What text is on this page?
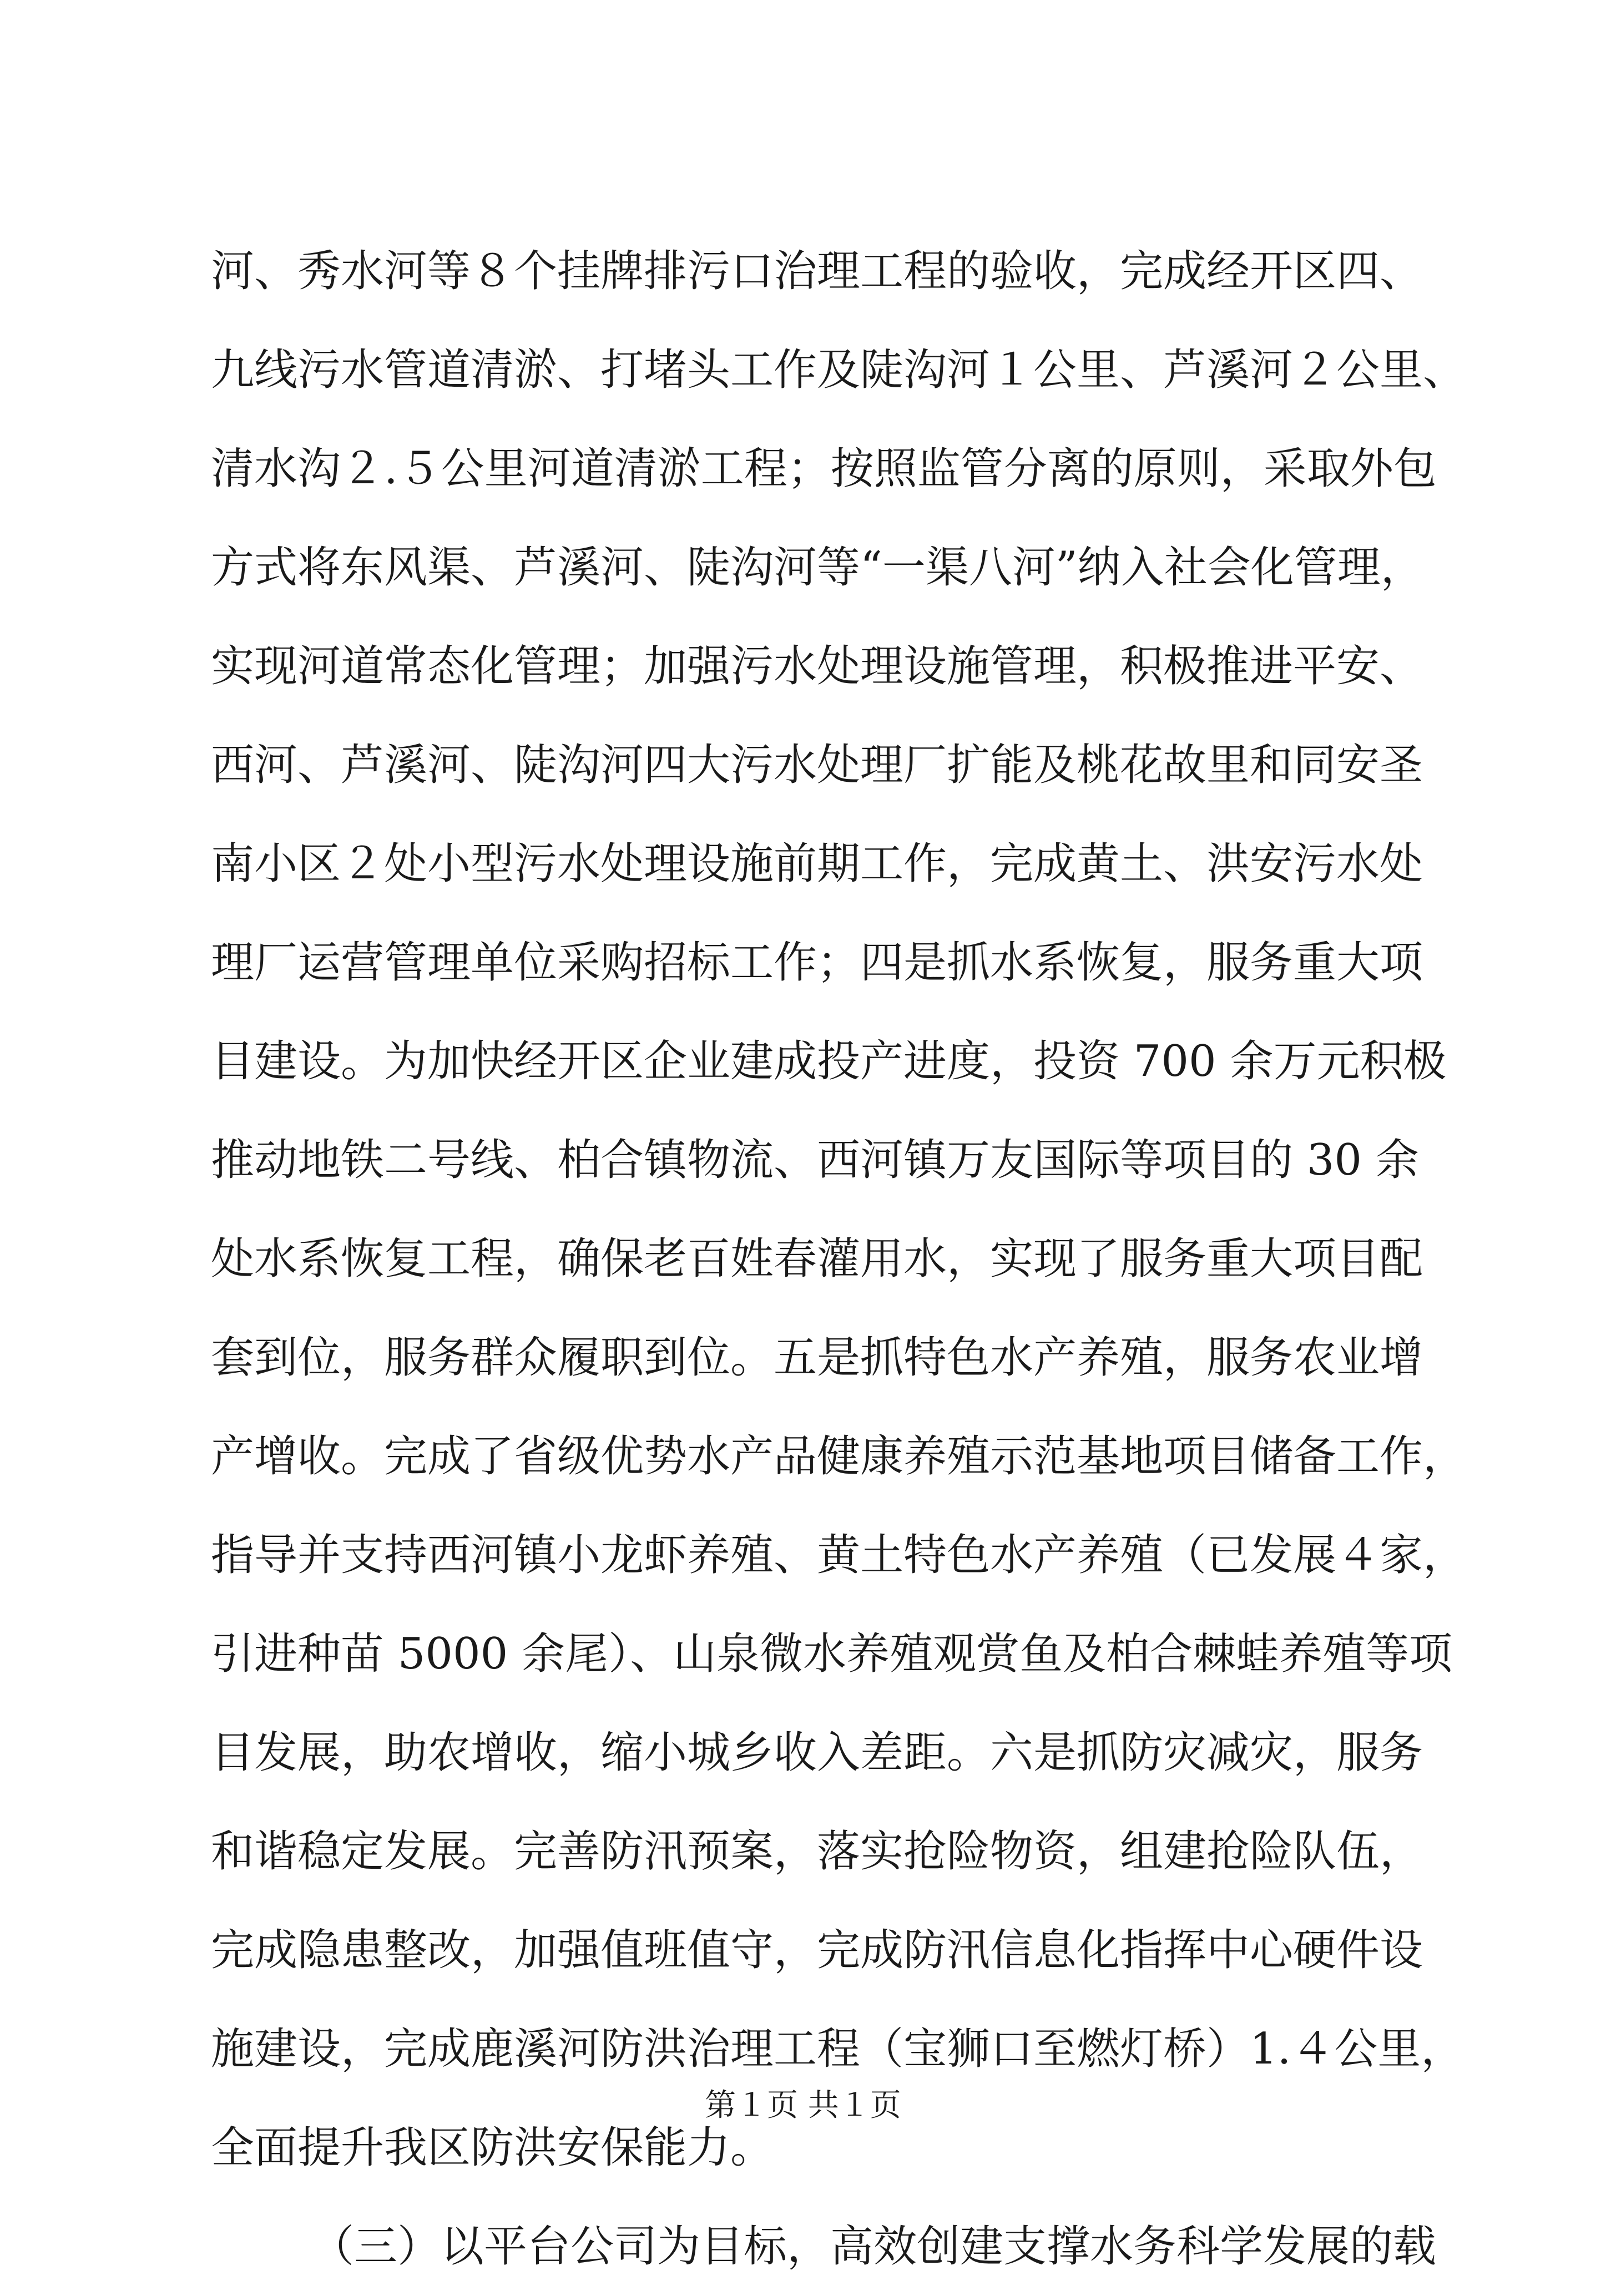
河、秀水河等８个挂牌排污口治理工程的验收，完成经开区四、
九线污水管道清淤、打堵头工作及陡沟河１公里、芦溪河２公里、
清水沟２.５公里河道清淤工程；按照监管分离的原则，采取外包
方式将东风渠、芦溪河、陡沟河等“一渠八河”纳入社会化管理，
实现河道常态化管理；加强污水处理设施管理，积极推进平安、
西河、芦溪河、陡沟河四大污水处理厂扩能及桃花故里和同安圣
南小区２处小型污水处理设施前期工作，完成黄土、洪安污水处
理厂运营管理单位采购招标工作；四是抓水系恢复，服务重大项
目建设。为加快经开区企业建成投产进度，投资 700 余万元积极
推动地铁二号线、柏合镇物流、西河镇万友国际等项目的 30 余
处水系恢复工程，确保老百姓春灌用水，实现了服务重大项目配
套到位，服务群众履职到位。五是抓特色水产养殖，服务农业增
产增收。完成了省级优势水产品健康养殖示范基地项目储备工作，
指导并支持西河镇小龙虾养殖、黄土特色水产养殖（已发展４家，
引进种苗 5000 余尾）、山泉微水养殖观赏鱼及柏合棘蛙养殖等项
目发展，助农增收，缩小城乡收入差距。六是抓防灾减灾，服务
和谐稳定发展。完善防汛预案，落实抢险物资，组建抢险队伍，
完成隐患整改，加强值班值守，完成防汛信息化指挥中心硬件设
施建设，完成鹿溪河防洪治理工程（宝狮口至燃灯桥）1.４公里，
全面提升我区防洪安保能力。
（三）以平台公司为目标，高效创建支撑水务科学发展的载
第１页 共１页
